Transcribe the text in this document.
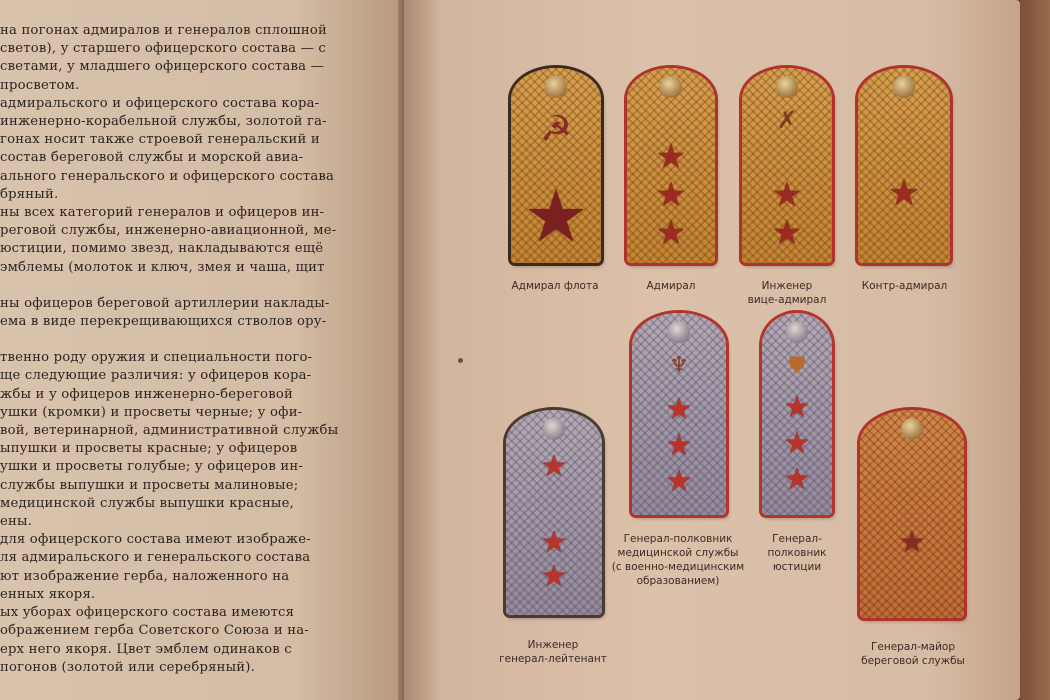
на погонах адмиралов и генералов сплошной
светов), у старшего офицерского состава — с
светами, у младшего офицерского состава —
просветом.
адмиральского и офицерского состава кора-
инженерно-корабельной службы, золотой га-
гонах носит также строевой генеральский и
состав береговой службы и морской авиа-
ального генеральского и офицерского состава
бряный.
ны всех категорий генералов и офицеров ин-
реговой службы, инженерно-авиационной, ме-
юстиции, помимо звезд, накладываются ещё
эмблемы (молоток и ключ, змея и чаша, щит
ны офицеров береговой артиллерии наклады-
ема в виде перекрещивающихся стволов ору-
твенно роду оружия и специальности пого-
ще следующие различия: у офицеров кора-
жбы и у офицеров инженерно-береговой
ушки (кромки) и просветы черные; у офи-
вой, ветеринарной, административной службы
ыпушки и просветы красные; у офицеров
ушки и просветы голубые; у офицеров ин-
службы выпушки и просветы малиновые;
медицинской службы выпушки красные,
ены.
для офицерского состава имеют изображе-
ля адмиральского и генеральского состава
ют изображение герба, наложенного на
енных якоря.
ых уборах офицерского состава имеются
ображением герба Советского Союза и на-
ерх него якоря. Цвет эмблем одинаков с
погонов (золотой или серебряный).
☭
★
Адмирал флота
★
★
★
Адмирал
✗
★
★
Инженер
вице-адмирал
★
Контр-адмирал
♆
★
★
★
Генерал-полковник
медицинской службы
(с военно-медицинским
образованием)
⛊
★
★
★
Генерал-
полковник
юстиции
★
★
★
Инженер
генерал-лейтенант
★
Генерал-майор
береговой службы
